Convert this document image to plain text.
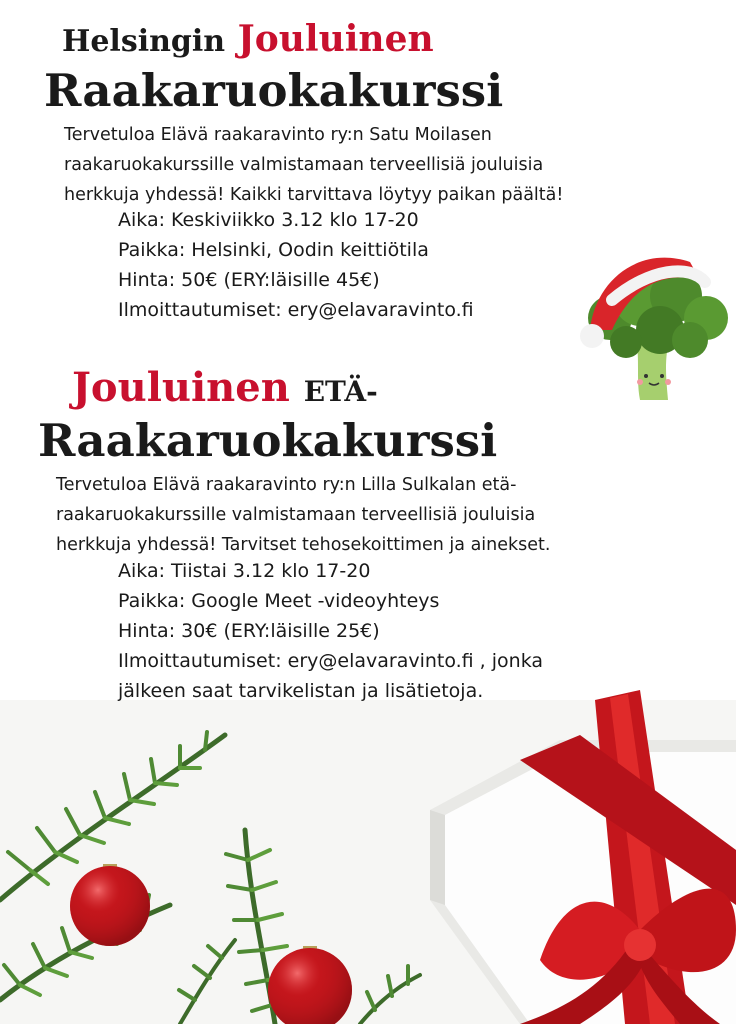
Helsingin Jouluinen
Raakaruokakurssi
Tervetuloa Elävä raakaravinto ry:n Satu Moilasen
raakaruokakurssille valmistamaan terveellisiä jouluisia
herkkuja yhdessä! Kaikki tarvittava löytyy paikan päältä!
Aika: Keskiviikko 3.12 klo 17-20
Paikka: Helsinki, Oodin keittiötila
Hinta: 50€ (ERY:läisille 45€)
Ilmoittautumiset: ery@elavaravinto.fi
Jouluinen ETÄ-
Raakaruokakurssi
Tervetuloa Elävä raakaravinto ry:n Lilla Sulkalan etä-
raakaruokakurssille valmistamaan terveellisiä jouluisia
herkkuja yhdessä! Tarvitset tehosekoittimen ja ainekset.
Aika: Tiistai 3.12 klo 17-20
Paikka: Google Meet -videoyhteys
Hinta: 30€ (ERY:läisille 25€)
Ilmoittautumiset: ery@elavaravinto.fi , jonka
jälkeen saat tarvikelistan ja lisätietoja.
